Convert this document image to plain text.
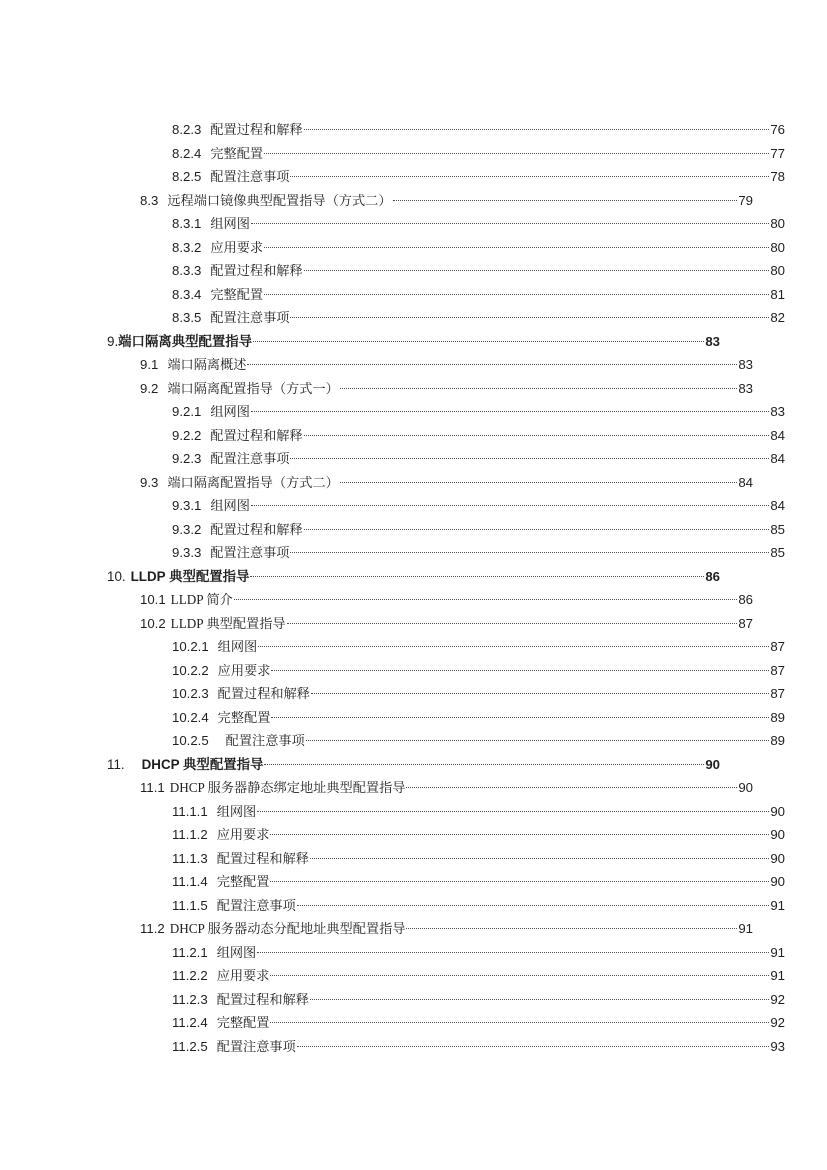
8.2.3 配置过程和解释	76
8.2.4 完整配置	77
8.2.5 配置注意事项	78
8.3 远程端口镜像典型配置指导（方式二）	79
8.3.1 组网图	80
8.3.2 应用要求	80
8.3.3 配置过程和解释	80
8.3.4 完整配置	81
8.3.5 配置注意事项	82
9. 端口隔离典型配置指导	83
9.1 端口隔离概述	83
9.2 端口隔离配置指导（方式一）	83
9.2.1 组网图	83
9.2.2 配置过程和解释	84
9.2.3 配置注意事项	84
9.3 端口隔离配置指导（方式二）	84
9.3.1 组网图	84
9.3.2 配置过程和解释	85
9.3.3 配置注意事项	85
10. LLDP 典型配置指导	86
10.1 LLDP 简介	86
10.2 LLDP 典型配置指导	87
10.2.1 组网图	87
10.2.2 应用要求	87
10.2.3 配置过程和解释	87
10.2.4 完整配置	89
10.2.5 配置注意事项	89
11. DHCP 典型配置指导	90
11.1 DHCP 服务器静态绑定地址典型配置指导	90
11.1.1 组网图	90
11.1.2 应用要求	90
11.1.3 配置过程和解释	90
11.1.4 完整配置	90
11.1.5 配置注意事项	91
11.2 DHCP 服务器动态分配地址典型配置指导	91
11.2.1 组网图	91
11.2.2 应用要求	91
11.2.3 配置过程和解释	92
11.2.4 完整配置	92
11.2.5 配置注意事项	93
